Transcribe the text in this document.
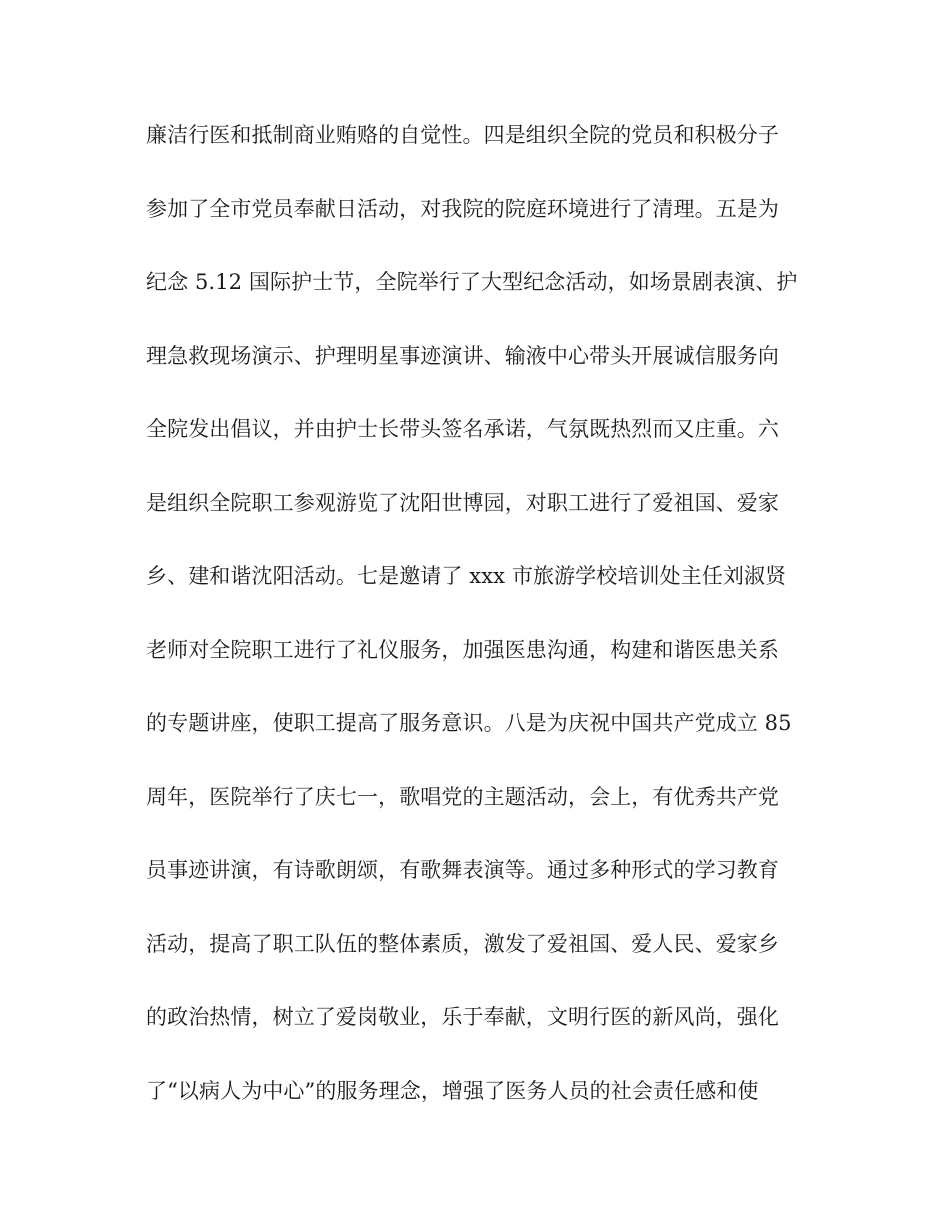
廉洁行医和抵制商业贿赂的自觉性。四是组织全院的党员和积极分子
参加了全市党员奉献日活动，对我院的院庭环境进行了清理。五是为
纪念 5.12 国际护士节，全院举行了大型纪念活动，如场景剧表演、护
理急救现场演示、护理明星事迹演讲、输液中心带头开展诚信服务向
全院发出倡议，并由护士长带头签名承诺，气氛既热烈而又庄重。六
是组织全院职工参观游览了沈阳世博园，对职工进行了爱祖国、爱家
乡、建和谐沈阳活动。七是邀请了 xxx 市旅游学校培训处主任刘淑贤
老师对全院职工进行了礼仪服务，加强医患沟通，构建和谐医患关系
的专题讲座，使职工提高了服务意识。八是为庆祝中国共产党成立 85
周年，医院举行了庆七一，歌唱党的主题活动，会上，有优秀共产党
员事迹讲演，有诗歌朗颂，有歌舞表演等。通过多种形式的学习教育
活动，提高了职工队伍的整体素质，激发了爱祖国、爱人民、爱家乡
的政治热情，树立了爱岗敬业，乐于奉献，文明行医的新风尚，强化
了“以病人为中心”的服务理念，增强了医务人员的社会责任感和使
